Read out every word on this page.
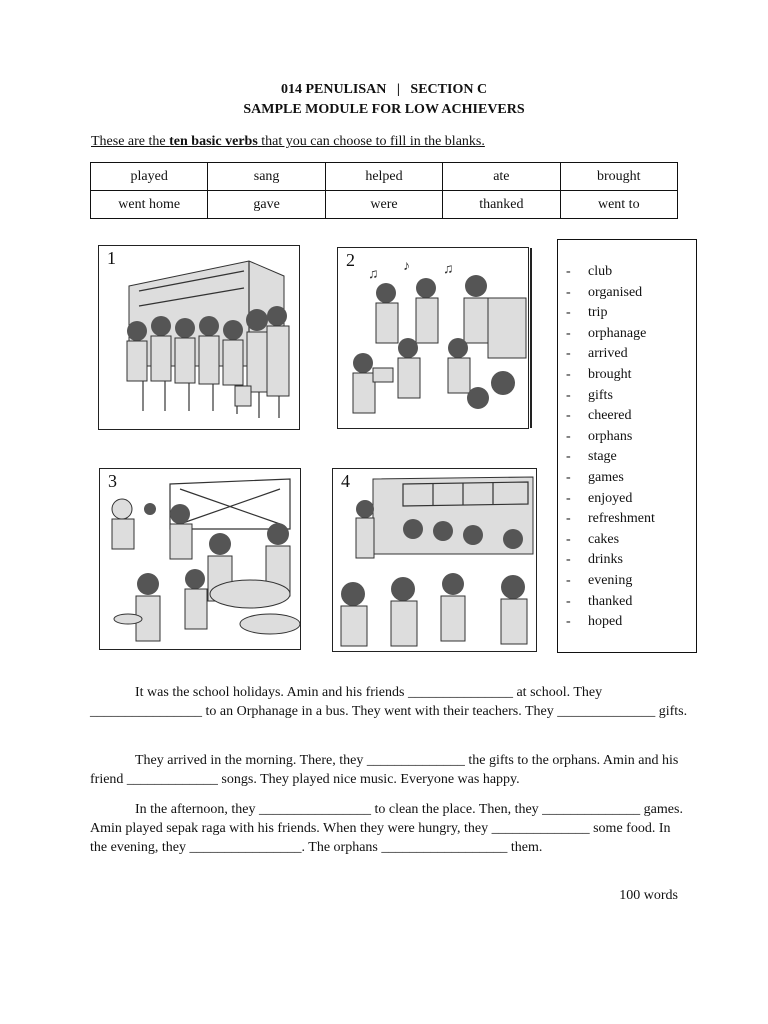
014 PENULISAN   |   SECTION C
SAMPLE MODULE FOR LOW ACHIEVERS
These are the ten basic verbs that you can choose to fill in the blanks.
played	sang	helped	ate	brought
went home	gave	were	thanked	went to
1
♫
♪ ♫
2
3	4
- club
- organised
- trip
- orphanage
- arrived
- brought
- gifts
- cheered
- orphans
- stage
- games
- enjoyed
- refreshment
- cakes
- drinks
- evening
- thanked
- hoped

It was the school holidays. Amin and his friends _______________ at school. They ________________ to an Orphanage in a bus. They went with their teachers. They ______________ gifts.

They arrived in the morning. There, they ______________ the gifts to the orphans. Amin and his friend _____________ songs. They played nice music. Everyone was happy.

In the afternoon, they ________________ to clean the place. Then, they ______________ games. Amin played sepak raga with his friends. When they were hungry, they ______________ some food. In the evening, they ________________. The orphans __________________ them.

100 words
